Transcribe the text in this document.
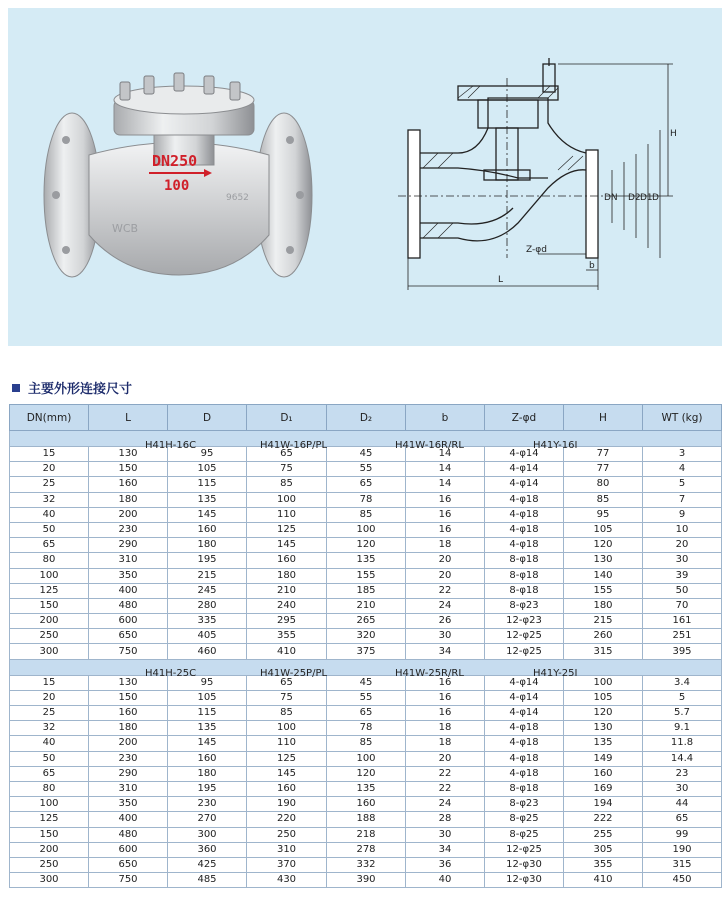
DN250
100
WCB
9652
H
DN D2 D1 D
L
b
Z-φd
主要外形连接尺寸
DN(mm)	L	D	D₁	D₂	b	Z-φd	H	WT (kg)

H41H-16C H41W-16P/PL H41W-16R/RL H41Y-16I								

15	130	95	65	45	14	4-φ14	77	3
20	150	105	75	55	14	4-φ14	77	4
25	160	115	85	65	14	4-φ14	80	5
32	180	135	100	78	16	4-φ18	85	7
40	200	145	110	85	16	4-φ18	95	9
50	230	160	125	100	16	4-φ18	105	10
65	290	180	145	120	18	4-φ18	120	20
80	310	195	160	135	20	8-φ18	130	30
100	350	215	180	155	20	8-φ18	140	39
125	400	245	210	185	22	8-φ18	155	50
150	480	280	240	210	24	8-φ23	180	70
200	600	335	295	265	26	12-φ23	215	161
250	650	405	355	320	30	12-φ25	260	251
300	750	460	410	375	34	12-φ25	315	395

H41H-25C H41W-25P/PL H41W-25R/RL H41Y-25I								

15	130	95	65	45	16	4-φ14	100	3.4
20	150	105	75	55	16	4-φ14	105	5
25	160	115	85	65	16	4-φ14	120	5.7
32	180	135	100	78	18	4-φ18	130	9.1
40	200	145	110	85	18	4-φ18	135	11.8
50	230	160	125	100	20	4-φ18	149	14.4
65	290	180	145	120	22	4-φ18	160	23
80	310	195	160	135	22	8-φ18	169	30
100	350	230	190	160	24	8-φ23	194	44
125	400	270	220	188	28	8-φ25	222	65
150	480	300	250	218	30	8-φ25	255	99
200	600	360	310	278	34	12-φ25	305	190
250	650	425	370	332	36	12-φ30	355	315
300	750	485	430	390	40	12-φ30	410	450
